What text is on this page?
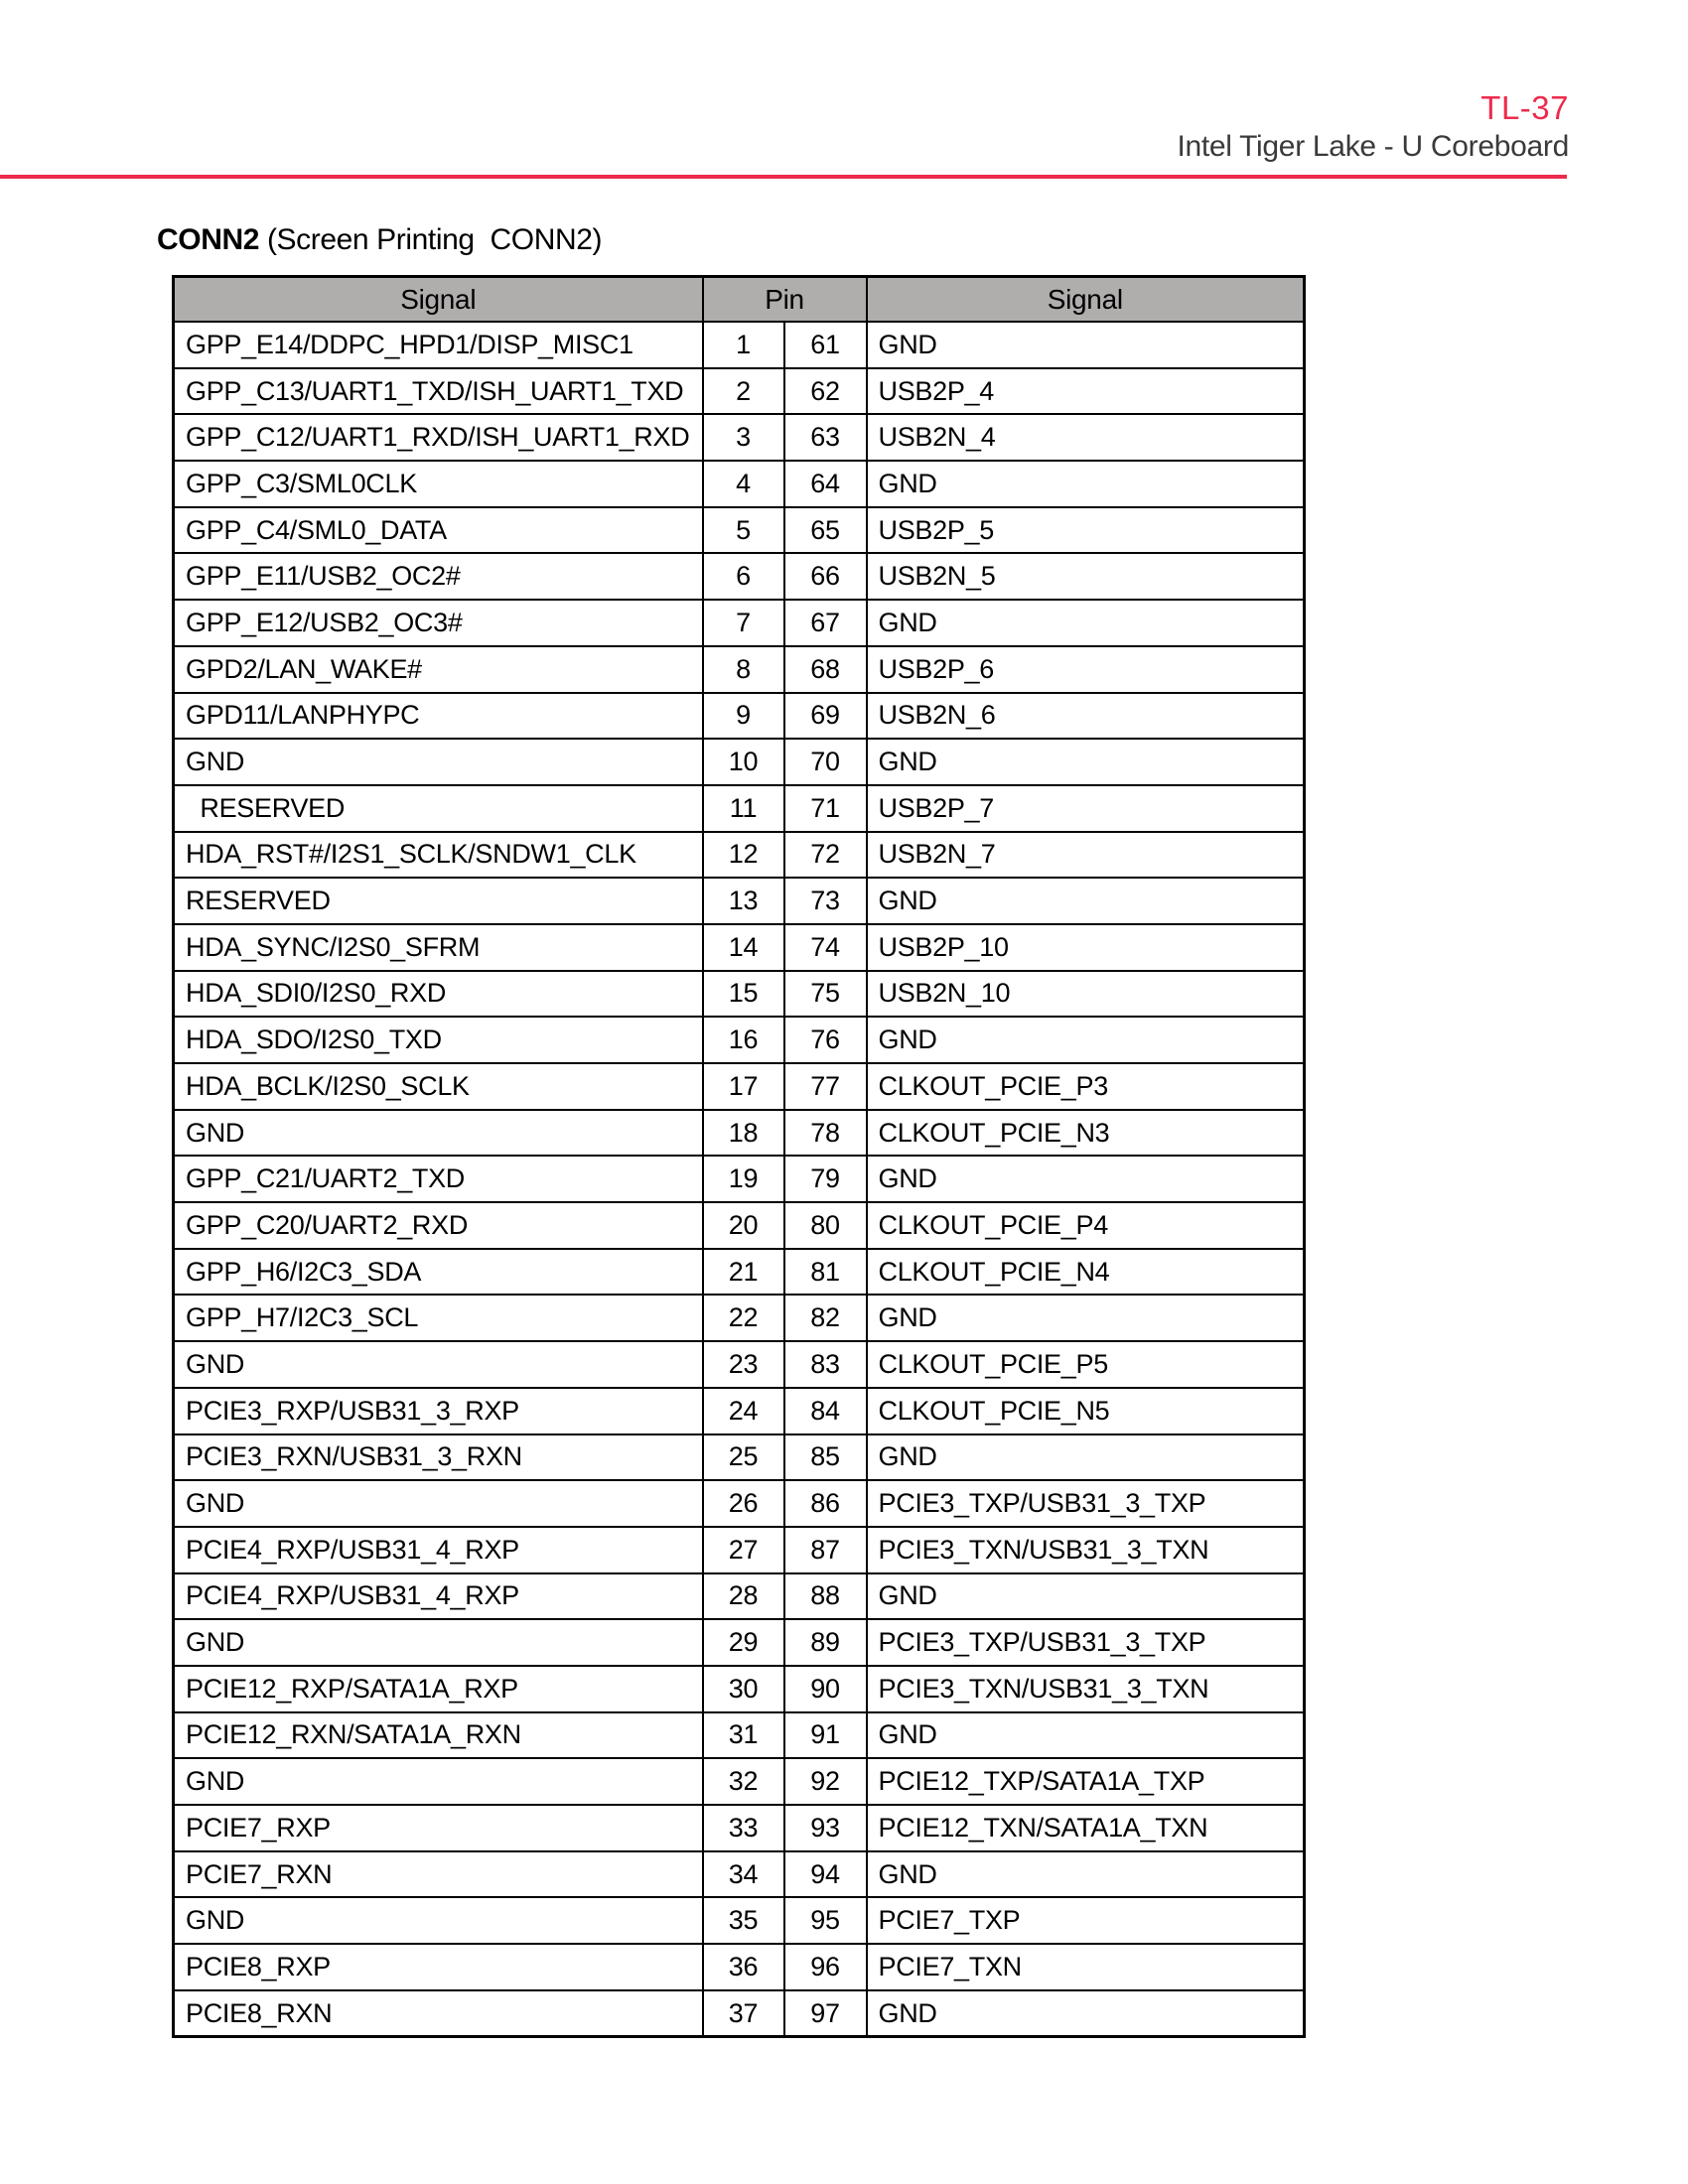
TL-37
Intel Tiger Lake - U Coreboard
CONN2 (Screen Printing  CONN2)
Signal	Pin		Signal
GPP_E14/DDPC_HPD1/DISP_MISC1	1	61	GND
GPP_C13/UART1_TXD/ISH_UART1_TXD	2	62	USB2P_4
GPP_C12/UART1_RXD/ISH_UART1_RXD	3	63	USB2N_4
GPP_C3/SML0CLK	4	64	GND
GPP_C4/SML0_DATA	5	65	USB2P_5
GPP_E11/USB2_OC2#	6	66	USB2N_5
GPP_E12/USB2_OC3#	7	67	GND
GPD2/LAN_WAKE#	8	68	USB2P_6
GPD11/LANPHYPC	9	69	USB2N_6
GND	10	70	GND
RESERVED	11	71	USB2P_7
HDA_RST#/I2S1_SCLK/SNDW1_CLK	12	72	USB2N_7
RESERVED	13	73	GND
HDA_SYNC/I2S0_SFRM	14	74	USB2P_10
HDA_SDI0/I2S0_RXD	15	75	USB2N_10
HDA_SDO/I2S0_TXD	16	76	GND
HDA_BCLK/I2S0_SCLK	17	77	CLKOUT_PCIE_P3
GND	18	78	CLKOUT_PCIE_N3
GPP_C21/UART2_TXD	19	79	GND
GPP_C20/UART2_RXD	20	80	CLKOUT_PCIE_P4
GPP_H6/I2C3_SDA	21	81	CLKOUT_PCIE_N4
GPP_H7/I2C3_SCL	22	82	GND
GND	23	83	CLKOUT_PCIE_P5
PCIE3_RXP/USB31_3_RXP	24	84	CLKOUT_PCIE_N5
PCIE3_RXN/USB31_3_RXN	25	85	GND
GND	26	86	PCIE3_TXP/USB31_3_TXP
PCIE4_RXP/USB31_4_RXP	27	87	PCIE3_TXN/USB31_3_TXN
PCIE4_RXP/USB31_4_RXP	28	88	GND
GND	29	89	PCIE3_TXP/USB31_3_TXP
PCIE12_RXP/SATA1A_RXP	30	90	PCIE3_TXN/USB31_3_TXN
PCIE12_RXN/SATA1A_RXN	31	91	GND
GND	32	92	PCIE12_TXP/SATA1A_TXP
PCIE7_RXP	33	93	PCIE12_TXN/SATA1A_TXN
PCIE7_RXN	34	94	GND
GND	35	95	PCIE7_TXP
PCIE8_RXP	36	96	PCIE7_TXN
PCIE8_RXN	37	97	GND
